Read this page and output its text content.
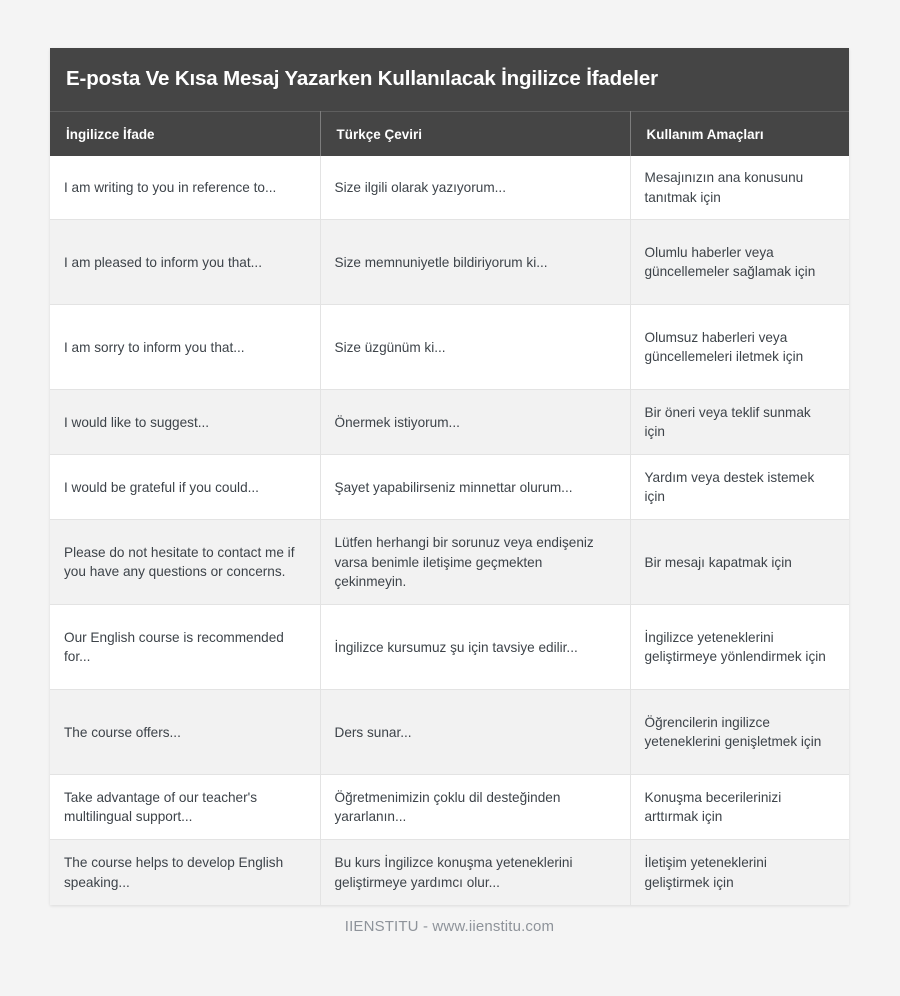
E-posta Ve Kısa Mesaj Yazarken Kullanılacak İngilizce İfadeler
İngilizce İfade	Türkçe Çeviri	Kullanım Amaçları
I am writing to you in reference to...	Size ilgili olarak yazıyorum...	Mesajınızın ana konusunu tanıtmak için
I am pleased to inform you that...	Size memnuniyetle bildiriyorum ki...	Olumlu haberler veya güncellemeler sağlamak için
I am sorry to inform you that...	Size üzgünüm ki...	Olumsuz haberleri veya güncellemeleri iletmek için
I would like to suggest...	Önermek istiyorum...	Bir öneri veya teklif sunmak için
I would be grateful if you could...	Şayet yapabilirseniz minnettar olurum...	Yardım veya destek istemek için
Please do not hesitate to contact me if you have any questions or concerns.	Lütfen herhangi bir sorunuz veya endişeniz varsa benimle iletişime geçmekten çekinmeyin.	Bir mesajı kapatmak için
Our English course is recommended for...	İngilizce kursumuz şu için tavsiye edilir...	İngilizce yeteneklerini geliştirmeye yönlendirmek için
The course offers...	Ders sunar...	Öğrencilerin ingilizce yeteneklerini genişletmek için
Take advantage of our teacher's multilingual support...	Öğretmenimizin çoklu dil desteğinden yararlanın...	Konuşma becerilerinizi arttırmak için
The course helps to develop English speaking...	Bu kurs İngilizce konuşma yeteneklerini geliştirmeye yardımcı olur...	İletişim yeteneklerini geliştirmek için
IIENSTITU - www.iienstitu.com
